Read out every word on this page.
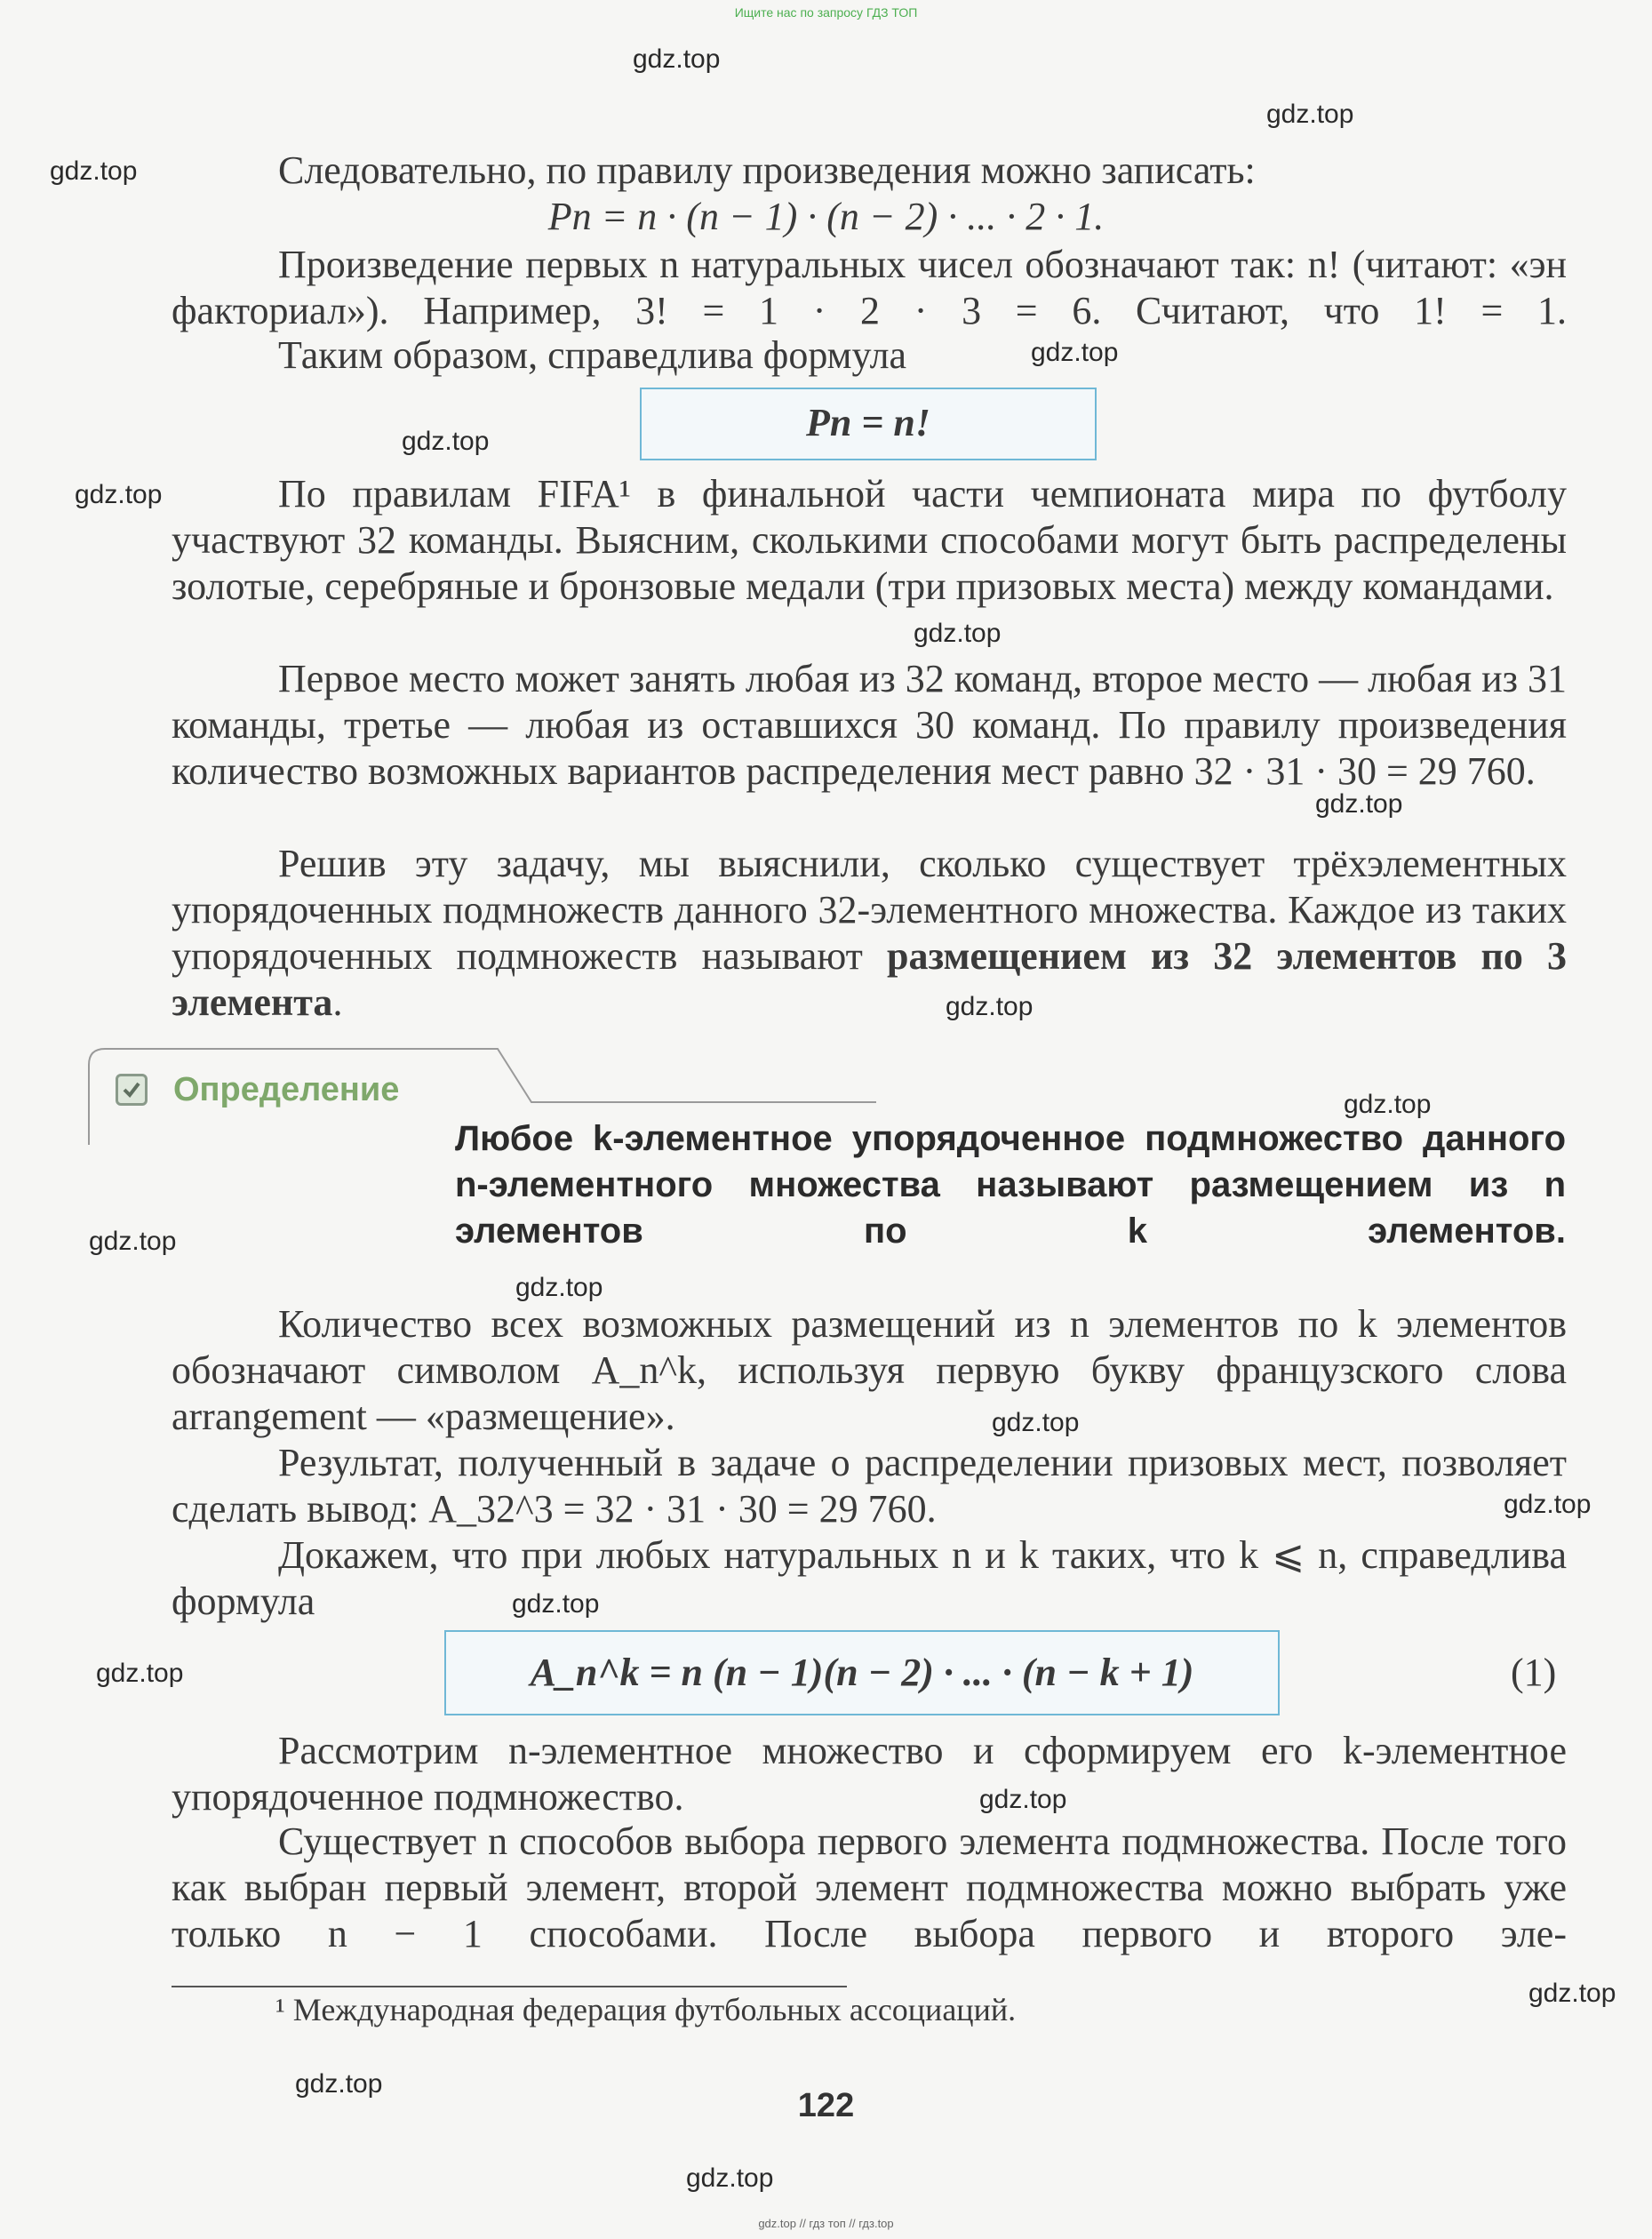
Ищите нас по запросу ГДЗ ТОП
Следовательно, по правилу произведения можно записать:
Pn = n · (n − 1) · (n − 2) · ... · 2 · 1.
Произведение первых n натуральных чисел обозначают так: n! (читают: «эн факториал»). Например, 3! = 1 · 2 · 3 = 6. Считают, что 1! = 1.
Таким образом, справедлива формула
Pn = n!
По правилам FIFA¹ в финальной части чемпионата мира по футболу участвуют 32 команды. Выясним, сколькими способами могут быть распределены золотые, серебряные и бронзовые медали (три призовых места) между командами.
Первое место может занять любая из 32 команд, второе место — любая из 31 команды, третье — любая из оставшихся 30 команд. По правилу произведения количество возможных вариантов распределения мест равно 32 · 31 · 30 = 29 760.
Решив эту задачу, мы выяснили, сколько существует трёхэлементных упорядоченных подмножеств данного 32-элементного множества. Каждое из таких упорядоченных подмножеств называют размещением из 32 элементов по 3 элемента.
Определение
Любое k-элементное упорядоченное подмножество данного n-элементного множества называют размещением из n элементов по k элементов.
Количество всех возможных размещений из n элементов по k элементов обозначают символом A_n^k, используя первую букву французского слова arrangement — «размещение».
Результат, полученный в задаче о распределении призовых мест, позволяет сделать вывод: A_32^3 = 32 · 31 · 30 = 29 760.
Докажем, что при любых натуральных n и k таких, что k ⩽ n, справедлива формула
A_n^k = n (n − 1)(n − 2) · ... · (n − k + 1)	(1)
Рассмотрим n-элементное множество и сформируем его k-элементное упорядоченное подмножество.
Существует n способов выбора первого элемента подмножества. После того как выбран первый элемент, второй элемент подмножества можно выбрать уже только n − 1 способами. После выбора первого и второго эле-
¹ Международная федерация футбольных ассоциаций.
122
gdz.top
gdz.top
gdz.top
gdz.top
gdz.top
gdz.top
gdz.top
gdz.top
gdz.top
gdz.top
gdz.top
gdz.top
gdz.top
gdz.top
gdz.top
gdz.top
gdz.top
gdz.top
gdz.top
gdz.top
gdz.top // гдз топ // гдз.top
